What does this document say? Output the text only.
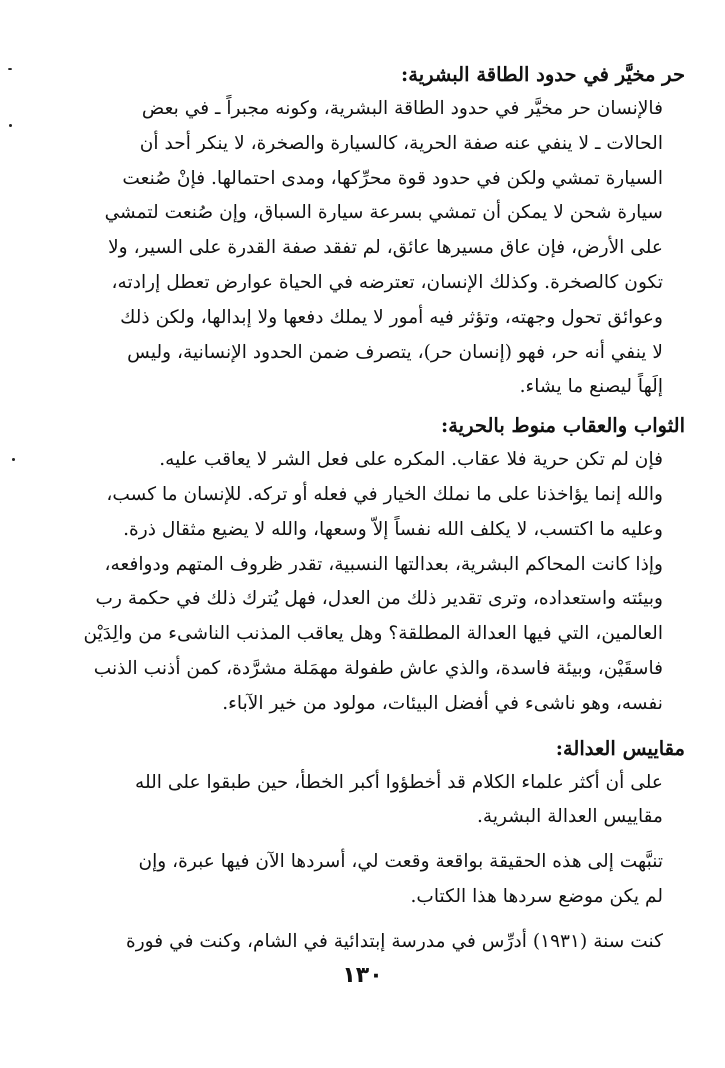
حر مخيَّر في حدود الطاقة البشرية:

فالإنسان حر مخيَّر في حدود الطاقة البشرية، وكونه مجبراً ـ في بعض
الحالات ـ لا ينفي عنه صفة الحرية، كالسيارة والصخرة، لا ينكر أحد أن
السيارة تمشي ولكن في حدود قوة محرِّكها، ومدى احتمالها. فإنْ صُنعت
سيارة شحن لا يمكن أن تمشي بسرعة سيارة السباق، وإن صُنعت لتمشي
على الأرض، فإن عاق مسيرها عائق، لم تفقد صفة القدرة على السير، ولا
تكون كالصخرة. وكذلك الإنسان، تعترضه في الحياة عوارض تعطل إرادته،
وعوائق تحول وجهته، وتؤثر فيه أمور لا يملك دفعها ولا إبدالها، ولكن ذلك
لا ينفي أنه حر، فهو (إنسان حر)، يتصرف ضمن الحدود الإنسانية، وليس
إلَهاً ليصنع ما يشاء.

الثواب والعقاب منوط بالحرية:

فإن لم تكن حرية فلا عقاب. المكره على فعل الشر لا يعاقب عليه.
والله إنما يؤاخذنا على ما نملك الخيار في فعله أو تركه. للإنسان ما كسب،
وعليه ما اكتسب، لا يكلف الله نفساً إلاّ وسعها، والله لا يضيع مثقال ذرة.
وإذا كانت المحاكم البشرية، بعدالتها النسبية، تقدر ظروف المتهم ودوافعه،
وبيئته واستعداده، وترى تقدير ذلك من العدل، فهل يُترك ذلك في حكمة رب
العالمين، التي فيها العدالة المطلقة؟ وهل يعاقب المذنب الناشىء من والِدَيْن
فاسقَيْن، وبيئة فاسدة، والذي عاش طفولة مهمَلة مشرَّدة، كمن أذنب الذنب
نفسه، وهو ناشىء في أفضل البيئات، مولود من خير الآباء.

مقاييس العدالة:

على أن أكثر علماء الكلام قد أخطؤوا أكبر الخطأ، حين طبقوا على الله
مقاييس العدالة البشرية.

تنبَّهت إلى هذه الحقيقة بواقعة وقعت لي، أسردها الآن فيها عبرة، وإن
لم يكن موضع سردها هذا الكتاب.

كنت سنة (١٩٣١) أدرِّس في مدرسة إبتدائية في الشام، وكنت في فورة

١٣٠
